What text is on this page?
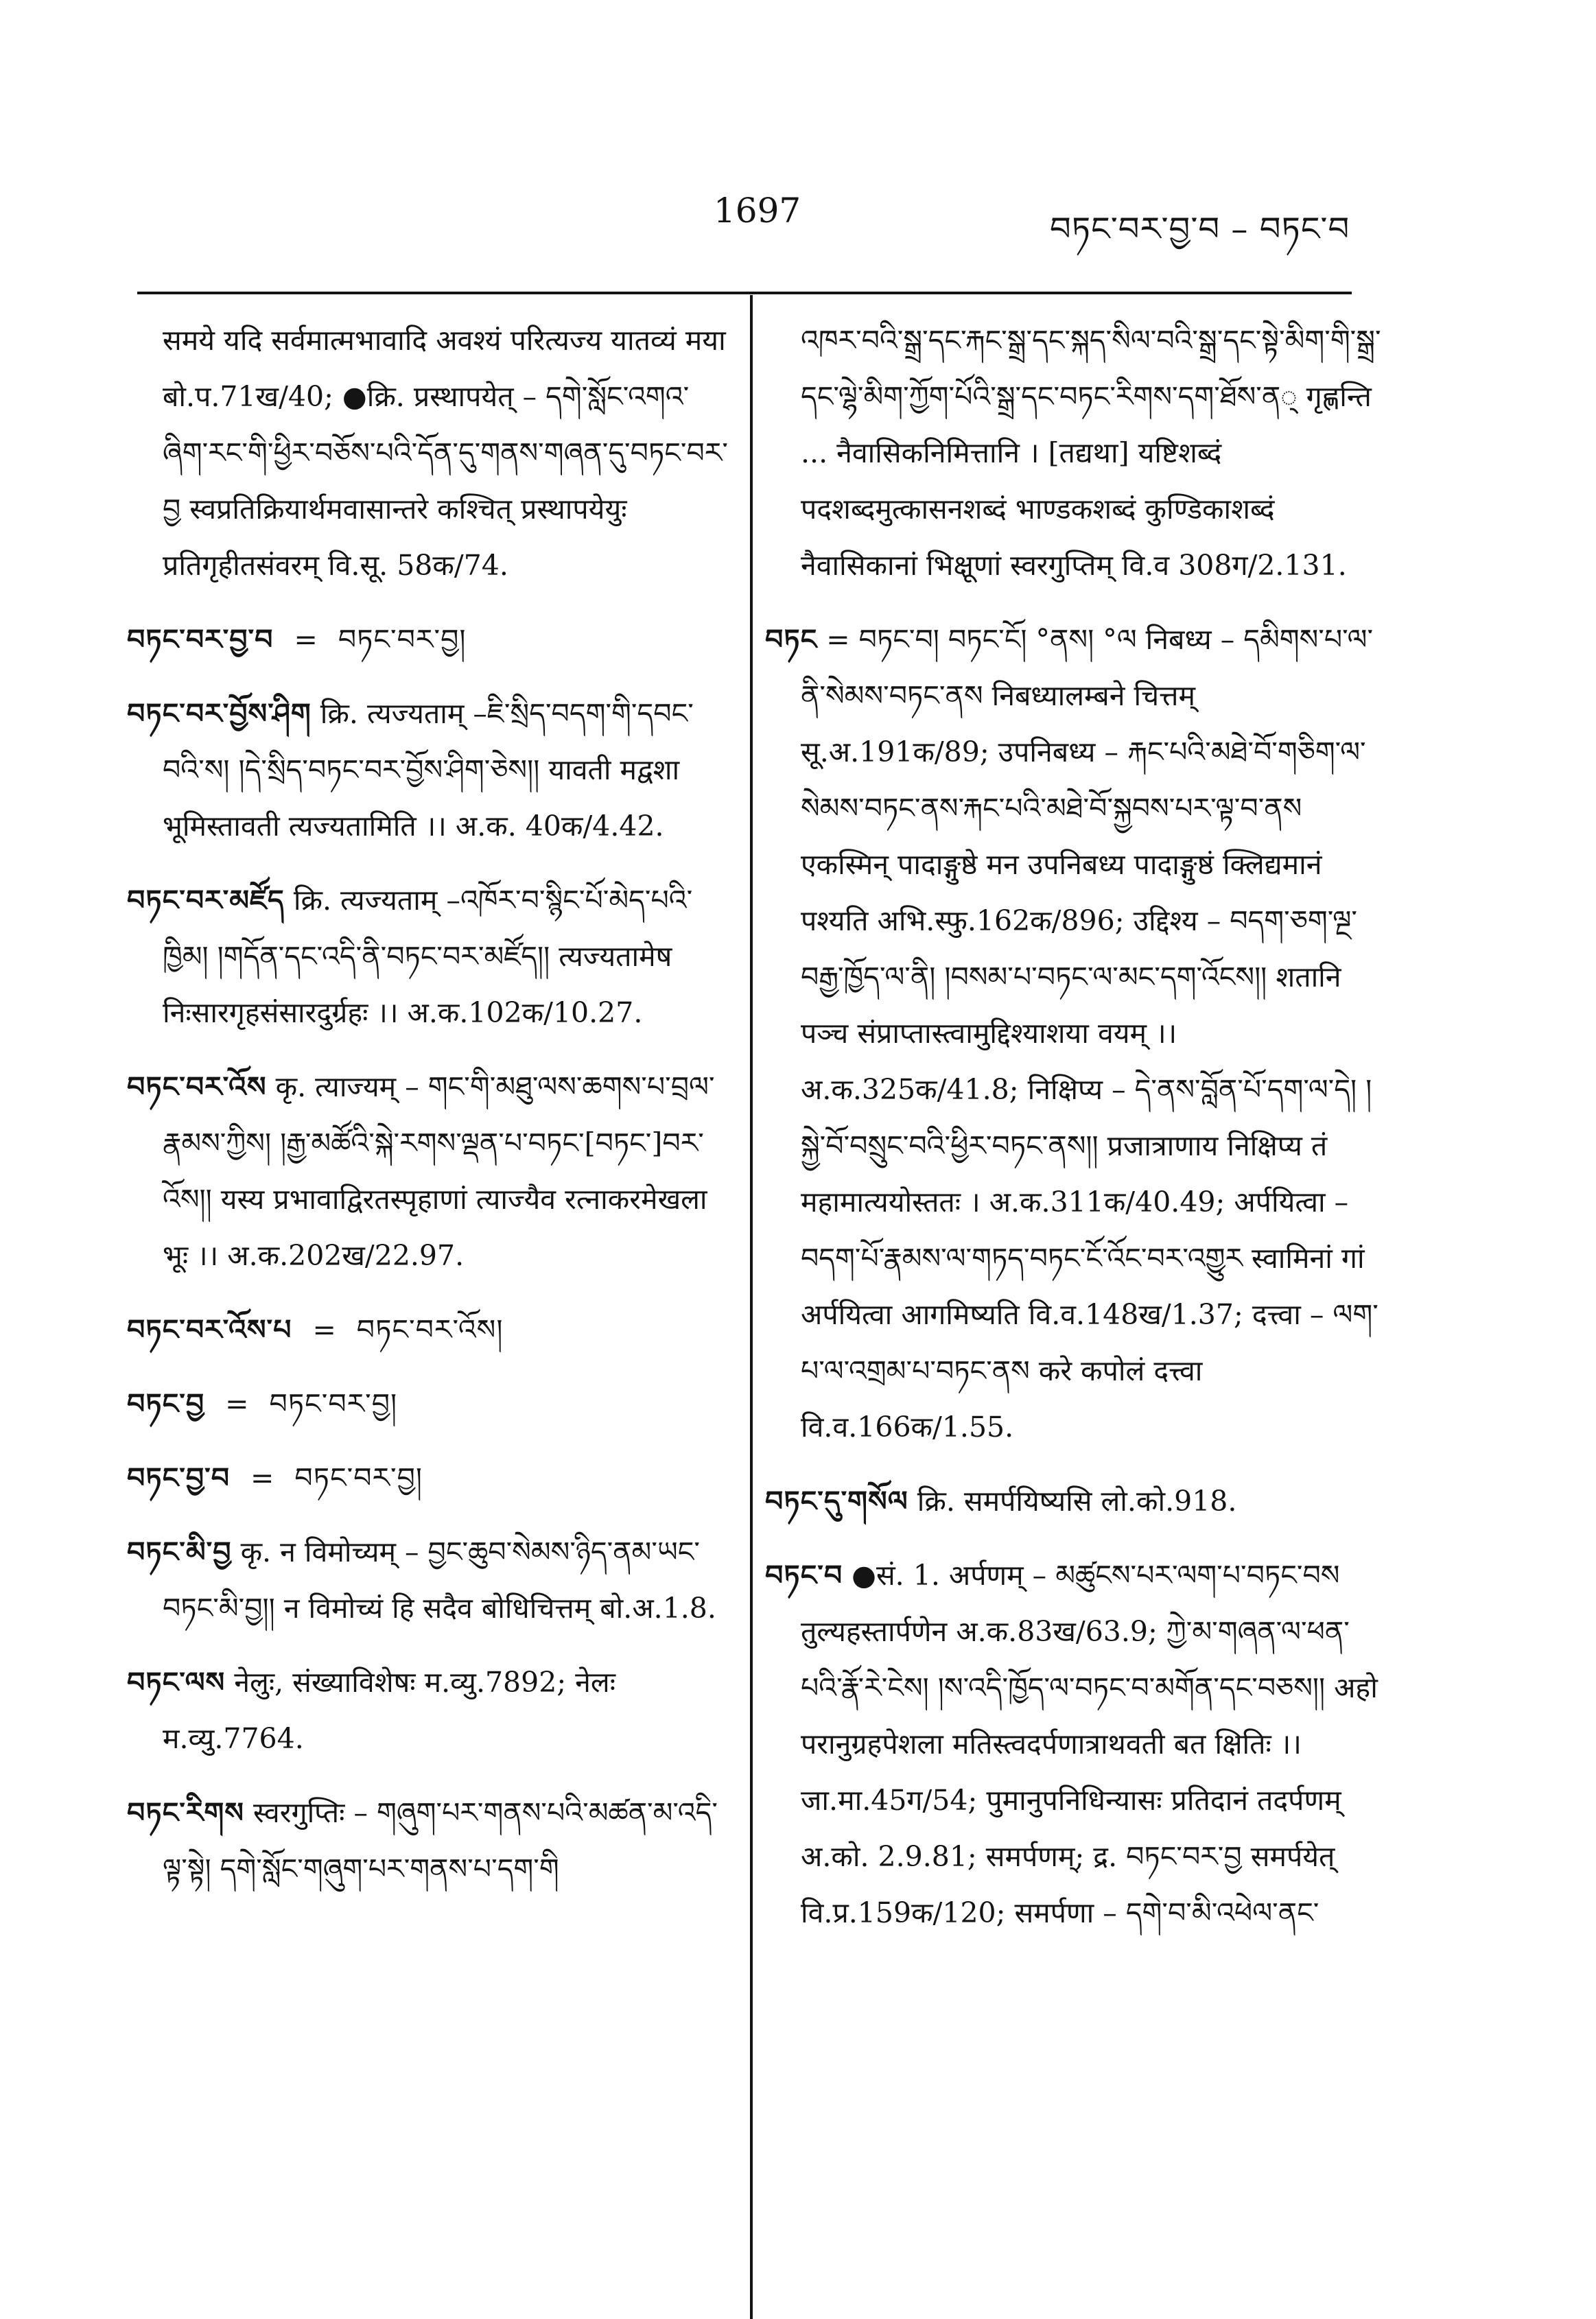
1697	བཏང་བར་བྱ་བ – བཏང་བ
समये यदि सर्वमात्मभावादि अवश्यं परित्यज्य यातव्यं मया बो.प.71ख/40; ●क्रि. प्रस्थापयेत् – དགེ་སློང་འགའ་ཞིག་རང་གི་ཕྱིར་བཅོས་པའི་དོན་དུ་གནས་གཞན་དུ་བཏང་བར་བྱ स्वप्रतिक्रियार्थमवासान्तरे कश्चित् प्रस्थापयेयुः प्रतिगृहीतसंवरम् वि.सू. 58क/74.
བཏང་བར་བྱ་བ = བཏང་བར་བྱ།
བཏང་བར་བྱོས་ཤིག क्रि. त्यज्यताम् –ཇི་སྲིད་བདག་གི་དབང་བའི་ས། །དེ་སྲིད་བཏང་བར་བྱོས་ཤིག་ཅེས།། यावती मद्वशा भूमिस्तावती त्यज्यतामिति ।। अ.क. 40क/4.42.
བཏང་བར་མཛོད क्रि. त्यज्यताम् –འཁོར་བ་སྙིང་པོ་མེད་པའི་ཁྱིམ། །གདོན་དང་འདི་ནི་བཏང་བར་མཛོད།། त्यज्यतामेष निःसारगृहसंसारदुर्ग्रहः ।। अ.क.102क/10.27.
བཏང་བར་འོས कृ. त्याज्यम् – གང་གི་མཐུ་ལས་ཆགས་པ་བྲལ་རྣམས་ཀྱིས། །རྒྱ་མཚོའི་སྐེ་རགས་ལྡན་པ་བཏང་[བཏང་]བར་འོས།། यस्य प्रभावाद्विरतस्पृहाणां त्याज्यैव रत्नाकरमेखला भूः ।। अ.क.202ख/22.97.
བཏང་བར་འོས་པ = བཏང་བར་འོས།
བཏང་བྱ = བཏང་བར་བྱ།
བཏང་བྱ་བ = བཏང་བར་བྱ།
བཏང་མི་བྱ कृ. न विमोच्यम् – བྱང་ཆུབ་སེམས་ཉིད་ནམ་ཡང་བཏང་མི་བྱ།། न विमोच्यं हि सदैव बोधिचित्तम् बो.अ.1.8.
བཏང་ལས नेलुः, संख्याविशेषः म.व्यु.7892; नेलः म.व्यु.7764.
བཏང་རིགས स्वरगुप्तिः – གཞུག་པར་གནས་པའི་མཚན་མ་འདི་ལྟ་སྟེ། དགེ་སློང་གཞུག་པར་གནས་པ་དག་གི
འཁར་བའི་སྒྲ་དང་རྐང་སྒྲ་དང་སྐད་སིལ་བའི་སྒྲ་དང་སྟེ་མིག་གི་སྒྲ་དང་ལྷེ་མིག་ཀྱོག་པོའི་སྒྲ་དང་བཏང་རིགས་དག་ཐོས་ན् गृह्णन्ति ... नैवासिकनिमित्तानि । [तद्यथा] यष्टिशब्दं पदशब्दमुत्कासनशब्दं भाण्डकशब्दं कुण्डिकाशब्दं नैवासिकानां भिक्षूणां स्वरगुप्तिम् वि.व 308ग/2.131.
བཏང = བཏང་བ། བཏང་ངོ། °ནས། °ལ निबध्य – དམིགས་པ་ལ་ནི་སེམས་བཏང་ནས निबध्यालम्बने चित्तम् सू.अ.191क/89; उपनिबध्य – རྐང་པའི་མཐེ་བོ་གཅིག་ལ་སེམས་བཏང་ནས་རྐང་པའི་མཐེ་བོ་སྐྱབས་པར་ལྟ་བ་ནས एकस्मिन् पादाङ्गुष्ठे मन उपनिबध्य पादाङ्गुष्ठं क्लिद्यमानं पश्यति अभि.स्फु.162क/896; उद्दिश्य – བདག་ཅག་ལྔ་བརྒྱ་ཁྱོད་ལ་ནི། །བསམ་པ་བཏང་ལ་མང་དག་འོངས།། शतानि पञ्च संप्राप्तास्त्वामुद्दिश्याशया वयम् ।। अ.क.325क/41.8; निक्षिप्य – དེ་ནས་བློན་པོ་དག་ལ་དེ། །སྐྱེ་བོ་བསྲུང་བའི་ཕྱིར་བཏང་ནས།། प्रजात्राणाय निक्षिप्य तं महामात्ययोस्ततः । अ.क.311क/40.49; अर्पयित्वा – བདག་པོ་རྣམས་ལ་གཏད་བཏང་ངོ་འོང་བར་འགྱུར स्वामिनां गां अर्पयित्वा आगमिष्यति वि.व.148ख/1.37; दत्त्वा – ལག་པ་ལ་འགྲམ་པ་བཏང་ནས करे कपोलं दत्त्वा वि.व.166क/1.55.
བཏང་དུ་གསོལ क्रि. समर्पयिष्यसि लो.को.918.
བཏང་བ ●सं. 1. अर्पणम् – མཚུངས་པར་ལག་པ་བཏང་བས तुल्यहस्तार्पणेन अ.क.83ख/63.9; ཀྱེ་མ་གཞན་ལ་ཕན་པའི་རྣོ་རེ་ངེས། །ས་འདི་ཁྱོད་ལ་བཏང་བ་མགོན་དང་བཅས།། अहो परानुग्रहपेशला मतिस्त्वदर्पणात्राथवती बत क्षितिः ।। जा.मा.45ग/54; पुमानुपनिधिन्यासः प्रतिदानं तदर्पणम् अ.को. 2.9.81; समर्पणम्; द्र. བཏང་བར་བྱ समर्पयेत् वि.प्र.159क/120; समर्पणा – དགེ་བ་མི་འཕེལ་ནང་
